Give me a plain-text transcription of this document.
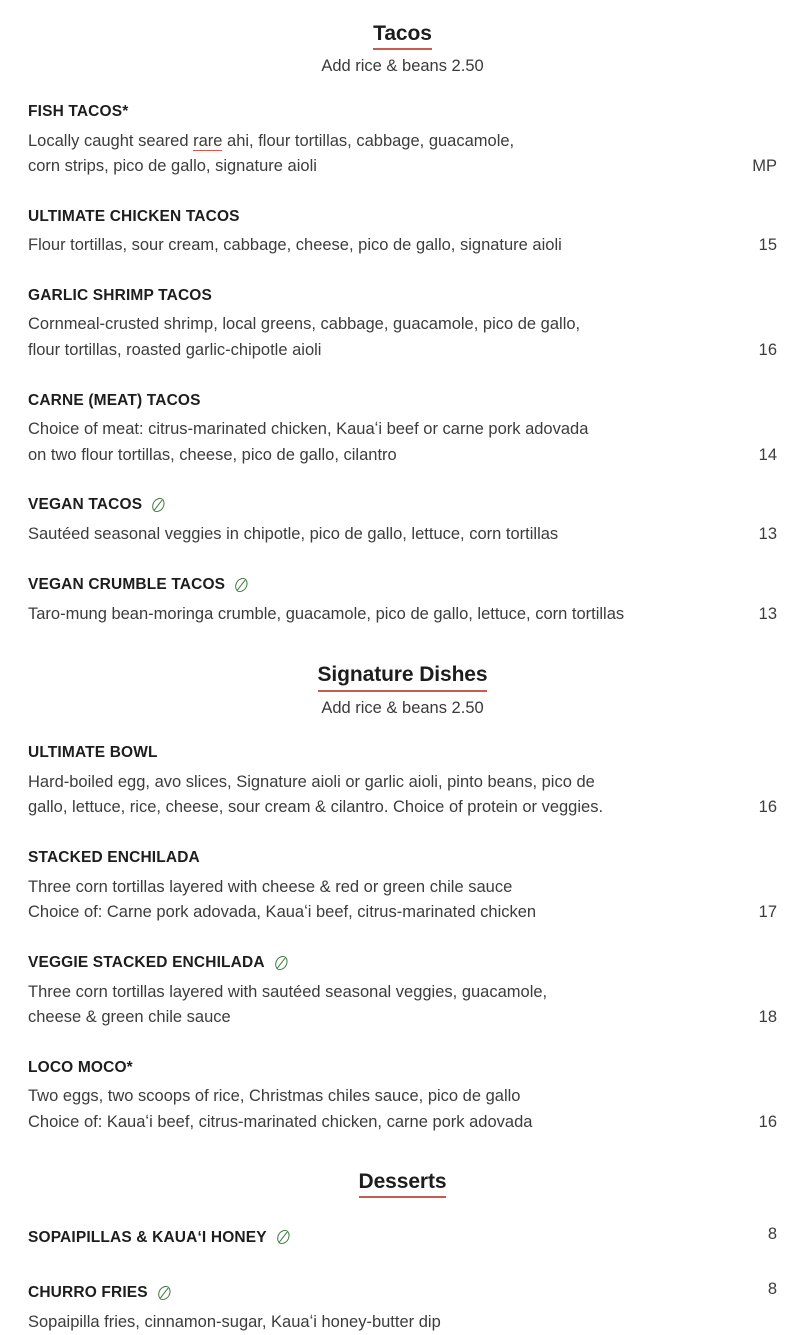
Tacos
Add rice & beans 2.50
FISH TACOS*
Locally caught seared rare ahi, flour tortillas, cabbage, guacamole,
corn strips, pico de gallo, signature aioli	MP
ULTIMATE CHICKEN TACOS
Flour tortillas, sour cream, cabbage, cheese, pico de gallo, signature aioli	15
GARLIC SHRIMP TACOS
Cornmeal-crusted shrimp, local greens, cabbage, guacamole, pico de gallo,
flour tortillas, roasted garlic-chipotle aioli	16
CARNE (MEAT) TACOS
Choice of meat: citrus-marinated chicken, Kauaʻi beef or carne pork adovada
on two flour tortillas, cheese, pico de gallo, cilantro	14
VEGAN TACOS
Sautéed seasonal veggies in chipotle, pico de gallo, lettuce, corn tortillas	13
VEGAN CRUMBLE TACOS
Taro-mung bean-moringa crumble, guacamole, pico de gallo, lettuce, corn tortillas	13
Signature Dishes
Add rice & beans 2.50
ULTIMATE BOWL
Hard-boiled egg, avo slices, Signature aioli or garlic aioli, pinto beans, pico de
gallo, lettuce, rice, cheese, sour cream & cilantro. Choice of protein or veggies.	16
STACKED ENCHILADA
Three corn tortillas layered with cheese & red or green chile sauce
Choice of: Carne pork adovada, Kauaʻi beef, citrus-marinated chicken	17
VEGGIE STACKED ENCHILADA
Three corn tortillas layered with sautéed seasonal veggies, guacamole,
cheese & green chile sauce	18
LOCO MOCO*
Two eggs, two scoops of rice, Christmas chiles sauce, pico de gallo
Choice of: Kauaʻi beef, citrus-marinated chicken, carne pork adovada	16
Desserts
SOPAIPILLAS & KAUAʻI HONEY	8
CHURRO FRIES	8
Sopaipilla fries, cinnamon-sugar, Kauaʻi honey-butter dip
